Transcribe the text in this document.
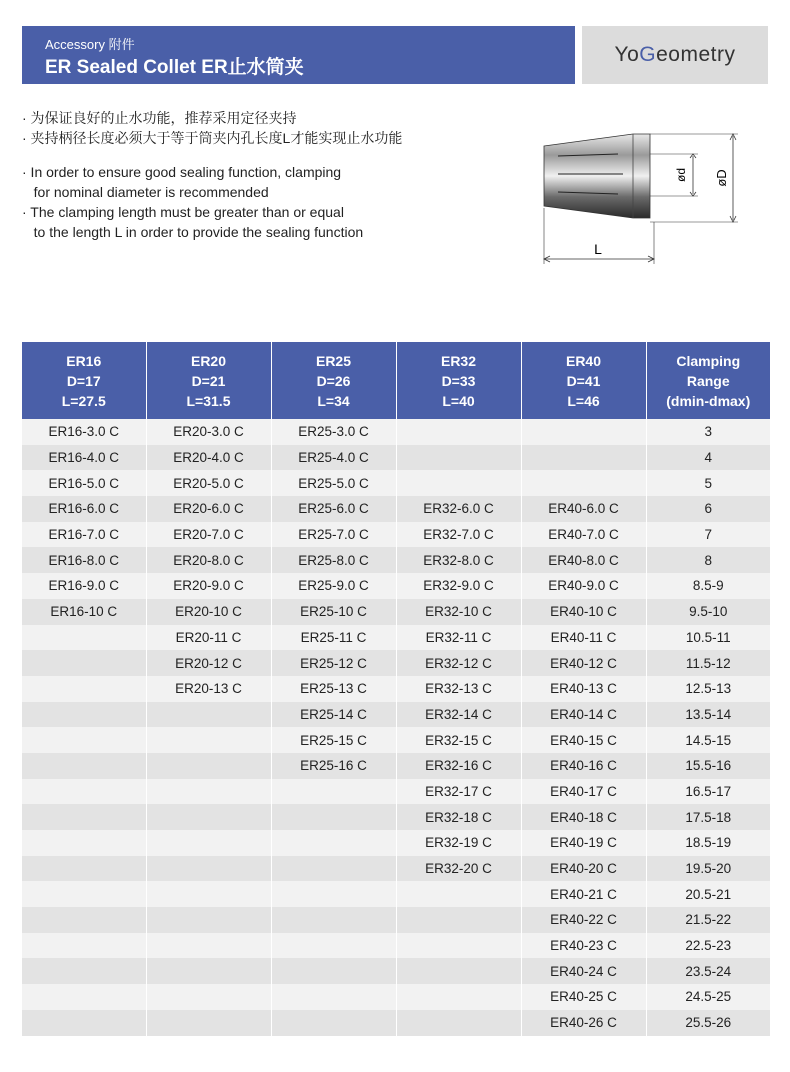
Accessory 附件
ER Sealed Collet ER止水筒夹
YoGeometry
· 为保证良好的止水功能，推荐采用定径夹持
· 夹持柄径长度必须大于等于筒夹内孔长度L才能实现止水功能
· In order to ensure good sealing function, clamping
for nominal diameter is recommended
· The clamping length must be greater than or equal
to the length L in order to provide the sealing function
ød øD
L
ER16
D=17
L=27.5	ER20
D=21
L=31.5	ER25
D=26
L=34	ER32
D=33
L=40	ER40
D=41
L=46	Clamping
Range
(dmin-dmax)

ER16-3.0 C	ER20-3.0 C	ER25-3.0 C			3
ER16-4.0 C	ER20-4.0 C	ER25-4.0 C			4
ER16-5.0 C	ER20-5.0 C	ER25-5.0 C			5
ER16-6.0 C	ER20-6.0 C	ER25-6.0 C	ER32-6.0 C	ER40-6.0 C	6
ER16-7.0 C	ER20-7.0 C	ER25-7.0 C	ER32-7.0 C	ER40-7.0 C	7
ER16-8.0 C	ER20-8.0 C	ER25-8.0 C	ER32-8.0 C	ER40-8.0 C	8
ER16-9.0 C	ER20-9.0 C	ER25-9.0 C	ER32-9.0 C	ER40-9.0 C	8.5-9
ER16-10 C	ER20-10 C	ER25-10 C	ER32-10 C	ER40-10 C	9.5-10
	ER20-11 C	ER25-11 C	ER32-11 C	ER40-11 C	10.5-11
	ER20-12 C	ER25-12 C	ER32-12 C	ER40-12 C	11.5-12
	ER20-13 C	ER25-13 C	ER32-13 C	ER40-13 C	12.5-13
		ER25-14 C	ER32-14 C	ER40-14 C	13.5-14
		ER25-15 C	ER32-15 C	ER40-15 C	14.5-15
		ER25-16 C	ER32-16 C	ER40-16 C	15.5-16
			ER32-17 C	ER40-17 C	16.5-17
			ER32-18 C	ER40-18 C	17.5-18
			ER32-19 C	ER40-19 C	18.5-19
			ER32-20 C	ER40-20 C	19.5-20
				ER40-21 C	20.5-21
				ER40-22 C	21.5-22
				ER40-23 C	22.5-23
				ER40-24 C	23.5-24
				ER40-25 C	24.5-25
				ER40-26 C	25.5-26
